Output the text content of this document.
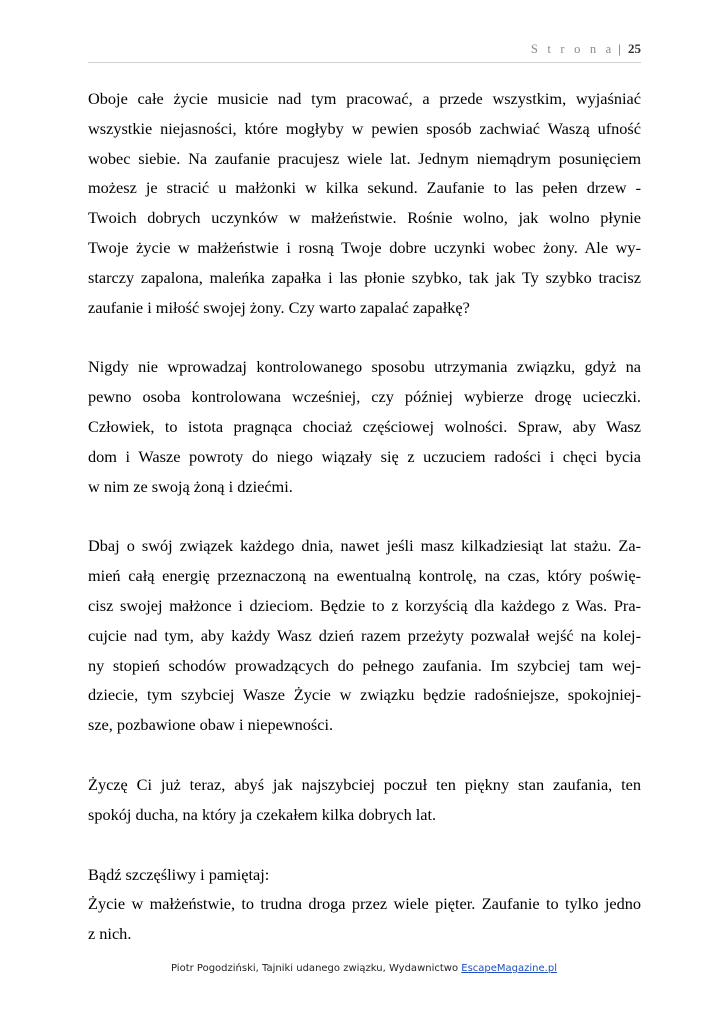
S t r o n a | 25

Oboje całe życie musicie nad tym pracować, a przede wszystkim, wyjaśniać

wszystkie niejasności, które mogłyby w pewien sposób zachwiać Waszą ufność

wobec siebie. Na zaufanie pracujesz wiele lat. Jednym niemądrym posunięciem

możesz je stracić u małżonki w kilka sekund. Zaufanie to las pełen drzew -

Twoich dobrych uczynków w małżeństwie. Rośnie wolno, jak wolno płynie

Twoje życie w małżeństwie i rosną Twoje dobre uczynki wobec żony. Ale wy-

starczy zapalona, maleńka zapałka i las płonie szybko, tak jak Ty szybko tracisz

zaufanie i miłość swojej żony. Czy warto zapalać zapałkę?

Nigdy nie wprowadzaj kontrolowanego sposobu utrzymania związku, gdyż na

pewno osoba kontrolowana wcześniej, czy później wybierze drogę ucieczki.

Człowiek, to istota pragnąca chociaż częściowej wolności. Spraw, aby Wasz

dom i Wasze powroty do niego wiązały się z uczuciem radości i chęci bycia

w nim ze swoją żoną i dziećmi.

Dbaj o swój związek każdego dnia, nawet jeśli masz kilkadziesiąt lat stażu. Za-

mień całą energię przeznaczoną na ewentualną kontrolę, na czas, który poświę-

cisz swojej małżonce i dzieciom. Będzie to z korzyścią dla każdego z Was. Pra-

cujcie nad tym, aby każdy Wasz dzień razem przeżyty pozwalał wejść na kolej-

ny stopień schodów prowadzących do pełnego zaufania. Im szybciej tam wej-

dziecie, tym szybciej Wasze Życie w związku będzie radośniejsze, spokojniej-

sze, pozbawione obaw i niepewności.

Życzę Ci już teraz, abyś jak najszybciej poczuł ten piękny stan zaufania, ten

spokój ducha, na który ja czekałem kilka dobrych lat.

Bądź szczęśliwy i pamiętaj:

Życie w małżeństwie, to trudna droga przez wiele pięter. Zaufanie to tylko jedno

z nich.

Piotr Pogodziński, Tajniki udanego związku, Wydawnictwo EscapeMagazine.pl
